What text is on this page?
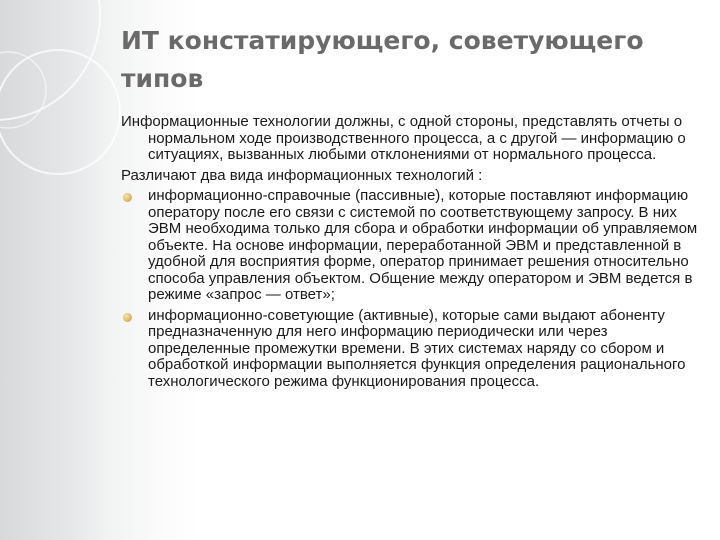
ИТ констатирующего, советующего типов

Информационные технологии должны, с одной стороны, представлять отчеты о нормальном ходе производственного процесса, а с другой — информацию о ситуациях, вызванных любыми отклонениями от нормального процесса.

Различают два вида информационных технологий :

информационно-справочные (пассивные), которые поставляют информацию оператору после его связи с системой по соответствующему запросу. В них ЭВМ необходима только для сбора и обработки информации об управляемом объекте. На основе информации, переработанной ЭВМ и представленной в удобной для восприятия форме, оператор принимает решения относительно способа управления объектом. Общение между оператором и ЭВМ ведется в режиме «запрос — ответ»;
информационно-советующие (активные), которые сами выдают абоненту предназначенную для него информацию периодически или через определенные промежутки времени. В этих системах наряду со сбором и обработкой информации выполняется функция определения рационального технологического режима функционирования процесса.
